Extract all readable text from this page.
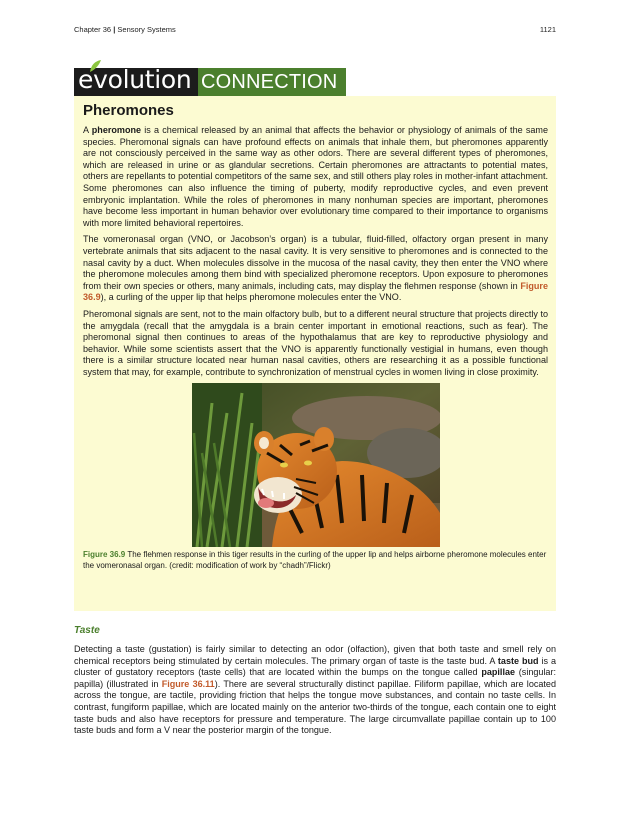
Chapter 36 | Sensory Systems	1121
evolution CONNECTION
Pheromones

A pheromone is a chemical released by an animal that affects the behavior or physiology of animals of the same species. Pheromonal signals can have profound effects on animals that inhale them, but pheromones apparently are not consciously perceived in the same way as other odors. There are several different types of pheromones, which are released in urine or as glandular secretions. Certain pheromones are attractants to potential mates, others are repellants to potential competitors of the same sex, and still others play roles in mother-infant attachment. Some pheromones can also influence the timing of puberty, modify reproductive cycles, and even prevent embryonic implantation. While the roles of pheromones in many nonhuman species are important, pheromones have become less important in human behavior over evolutionary time compared to their importance to organisms with more limited behavioral repertoires.

The vomeronasal organ (VNO, or Jacobson’s organ) is a tubular, fluid-filled, olfactory organ present in many vertebrate animals that sits adjacent to the nasal cavity. It is very sensitive to pheromones and is connected to the nasal cavity by a duct. When molecules dissolve in the mucosa of the nasal cavity, they then enter the VNO where the pheromone molecules among them bind with specialized pheromone receptors. Upon exposure to pheromones from their own species or others, many animals, including cats, may display the flehmen response (shown in Figure 36.9), a curling of the upper lip that helps pheromone molecules enter the VNO.

Pheromonal signals are sent, not to the main olfactory bulb, but to a different neural structure that projects directly to the amygdala (recall that the amygdala is a brain center important in emotional reactions, such as fear). The pheromonal signal then continues to areas of the hypothalamus that are key to reproductive physiology and behavior. While some scientists assert that the VNO is apparently functionally vestigial in humans, even though there is a similar structure located near human nasal cavities, others are researching it as a possible functional system that may, for example, contribute to synchronization of menstrual cycles in women living in close proximity.

Figure 36.9 The flehmen response in this tiger results in the curling of the upper lip and helps airborne pheromone molecules enter the vomeronasal organ. (credit: modification of work by “chadh”/Flickr)
Taste

Detecting a taste (gustation) is fairly similar to detecting an odor (olfaction), given that both taste and smell rely on chemical receptors being stimulated by certain molecules. The primary organ of taste is the taste bud. A taste bud is a cluster of gustatory receptors (taste cells) that are located within the bumps on the tongue called papillae (singular: papilla) (illustrated in Figure 36.11). There are several structurally distinct papillae. Filiform papillae, which are located across the tongue, are tactile, providing friction that helps the tongue move substances, and contain no taste cells. In contrast, fungiform papillae, which are located mainly on the anterior two-thirds of the tongue, each contain one to eight taste buds and also have receptors for pressure and temperature. The large circumvallate papillae contain up to 100 taste buds and form a V near the posterior margin of the tongue.
